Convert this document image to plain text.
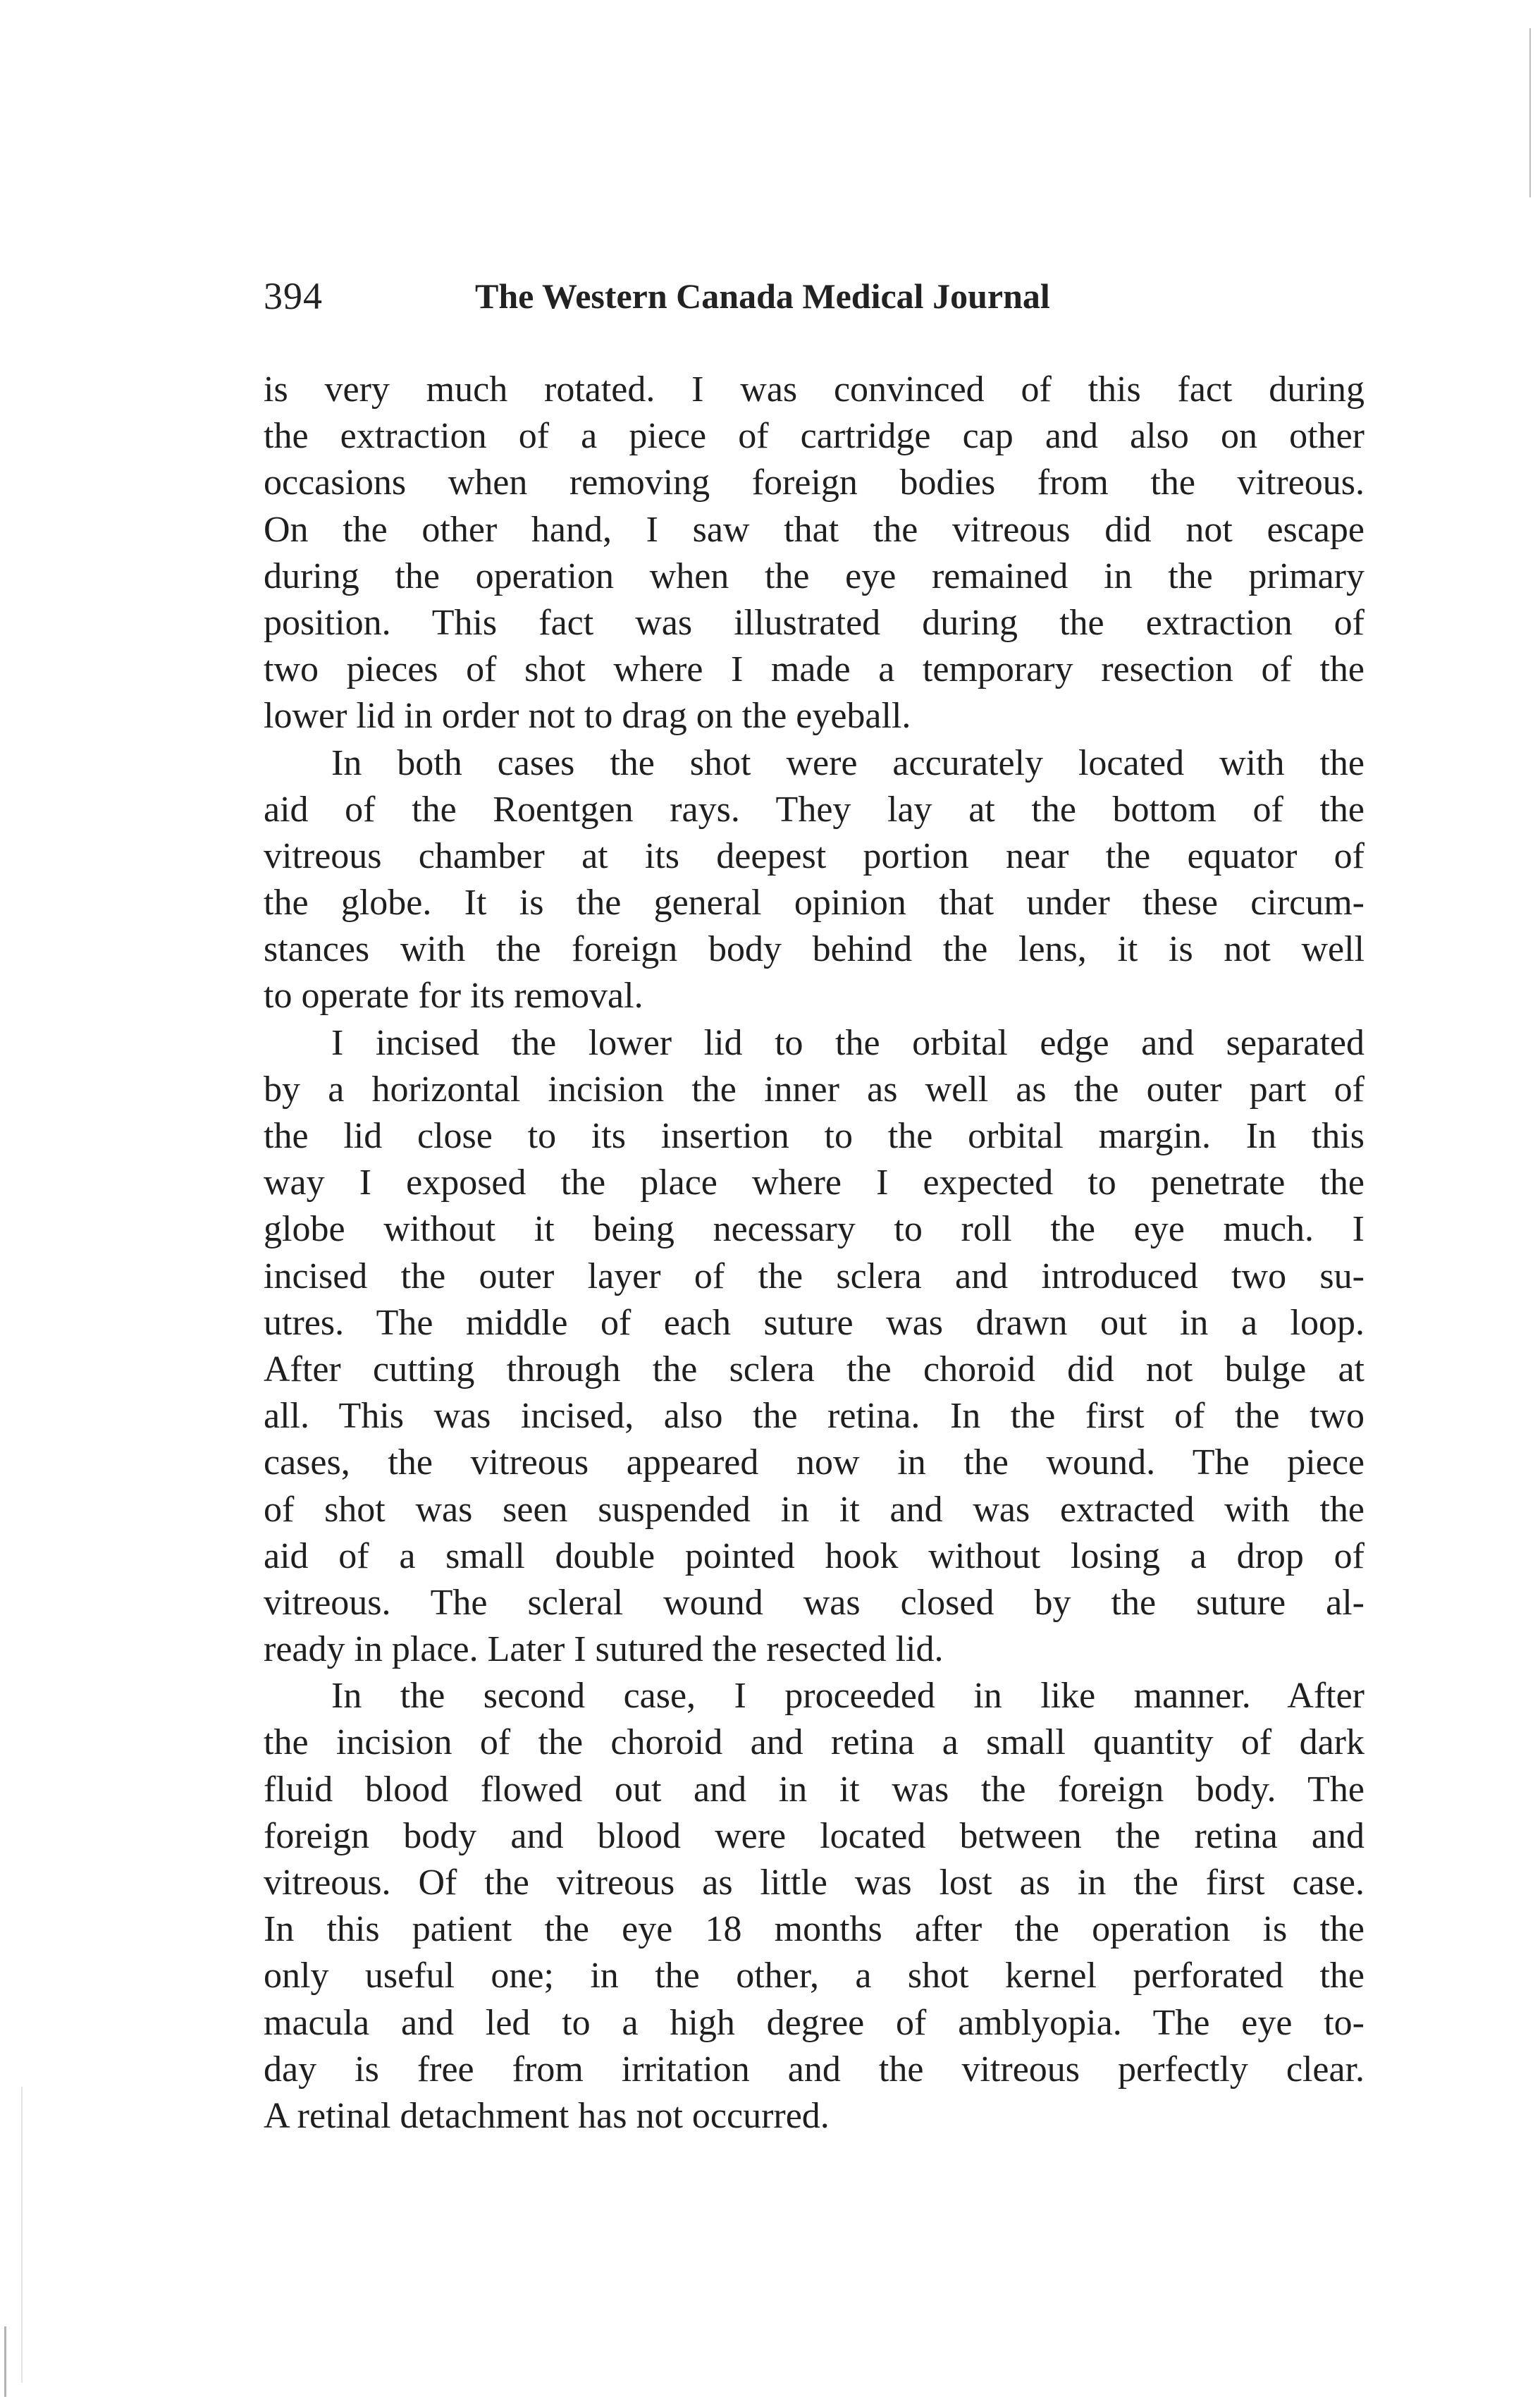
394	The Western Canada Medical Journal
is very much rotated. I was convinced of this fact during
the extraction of a piece of cartridge cap and also on other
occasions when removing foreign bodies from the vitreous.
On the other hand, I saw that the vitreous did not escape
during the operation when the eye remained in the primary
position. This fact was illustrated during the extraction of
two pieces of shot where I made a temporary resection of the
lower lid in order not to drag on the eyeball.
In both cases the shot were accurately located with the
aid of the Roentgen rays. They lay at the bottom of the
vitreous chamber at its deepest portion near the equator of
the globe. It is the general opinion that under these circum-
stances with the foreign body behind the lens, it is not well
to operate for its removal.
I incised the lower lid to the orbital edge and separated
by a horizontal incision the inner as well as the outer part of
the lid close to its insertion to the orbital margin. In this
way I exposed the place where I expected to penetrate the
globe without it being necessary to roll the eye much. I
incised the outer layer of the sclera and introduced two su-
utres. The middle of each suture was drawn out in a loop.
After cutting through the sclera the choroid did not bulge at
all. This was incised, also the retina. In the first of the two
cases, the vitreous appeared now in the wound. The piece
of shot was seen suspended in it and was extracted with the
aid of a small double pointed hook without losing a drop of
vitreous. The scleral wound was closed by the suture al-
ready in place. Later I sutured the resected lid.
In the second case, I proceeded in like manner. After
the incision of the choroid and retina a small quantity of dark
fluid blood flowed out and in it was the foreign body. The
foreign body and blood were located between the retina and
vitreous. Of the vitreous as little was lost as in the first case.
In this patient the eye 18 months after the operation is the
only useful one; in the other, a shot kernel perforated the
macula and led to a high degree of amblyopia. The eye to-
day is free from irritation and the vitreous perfectly clear.
A retinal detachment has not occurred.
